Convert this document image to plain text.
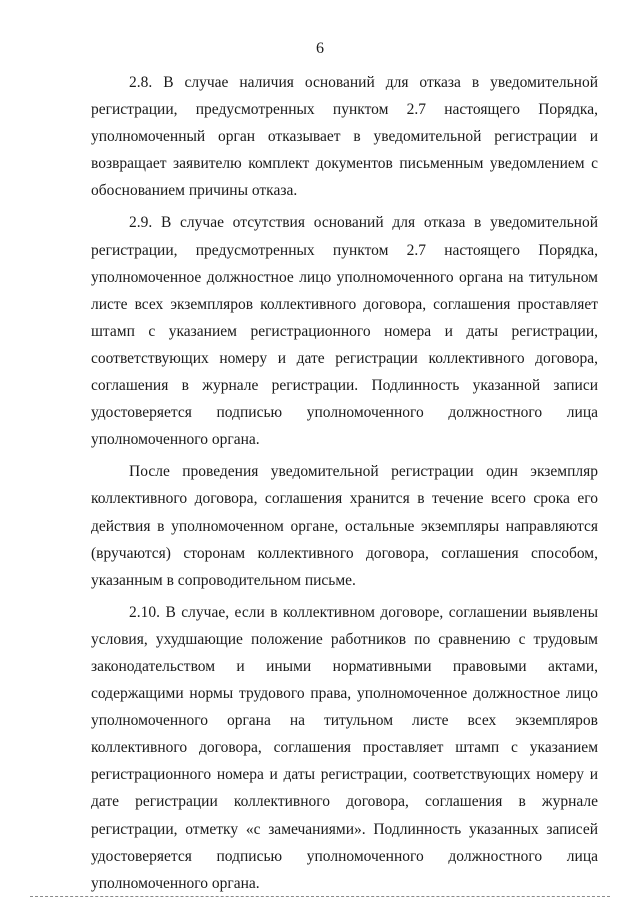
6

2.8. В случае наличия оснований для отказа в уведомительной регистрации, предусмотренных пунктом 2.7 настоящего Порядка, уполномоченный орган отказывает в уведомительной регистрации и возвращает заявителю комплект документов письменным уведомлением с обоснованием причины отказа.

2.9. В случае отсутствия оснований для отказа в уведомительной регистрации, предусмотренных пунктом 2.7 настоящего Порядка, уполномоченное должностное лицо уполномоченного органа на титульном листе всех экземпляров коллективного договора, соглашения проставляет штамп с указанием регистрационного номера и даты регистрации, соответствующих номеру и дате регистрации коллективного договора, соглашения в журнале регистрации. Подлинность указанной записи удостоверяется подписью уполномоченного должностного лица уполномоченного органа.

После проведения уведомительной регистрации один экземпляр коллективного договора, соглашения хранится в течение всего срока его действия в уполномоченном органе, остальные экземпляры направляются (вручаются) сторонам коллективного договора, соглашения способом, указанным в сопроводительном письме.

2.10. В случае, если в коллективном договоре, соглашении выявлены условия, ухудшающие положение работников по сравнению с трудовым законодательством и иными нормативными правовыми актами, содержащими нормы трудового права, уполномоченное должностное лицо уполномоченного органа на титульном листе всех экземпляров коллективного договора, соглашения проставляет штамп с указанием регистрационного номера и даты регистрации, соответствующих номеру и дате регистрации коллективного договора, соглашения в журнале регистрации, отметку «с замечаниями». Подлинность указанных записей удостоверяется подписью уполномоченного должностного лица уполномоченного органа.
